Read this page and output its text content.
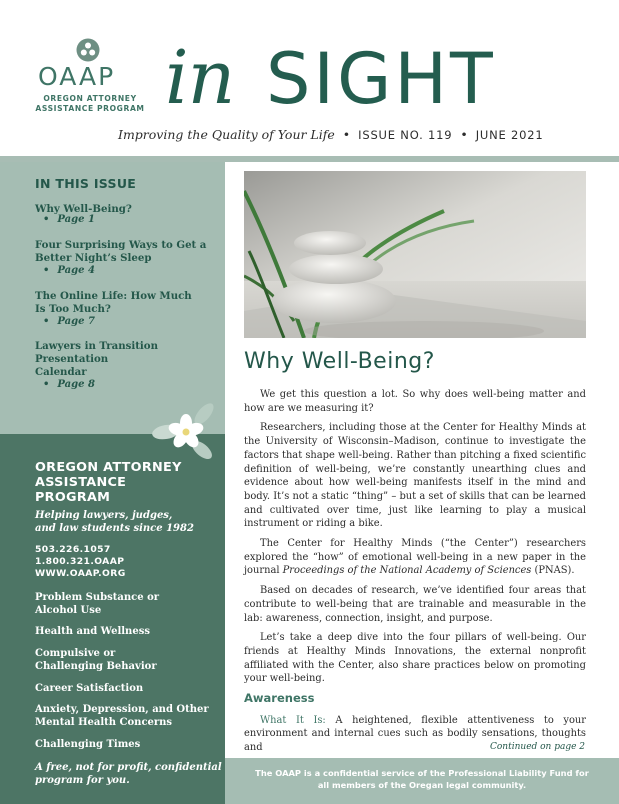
OAAP
OREGON ATTORNEY
ASSISTANCE PROGRAM in SIGHT
Improving the Quality of Your Life • ISSUE NO. 119 • JUNE 2021
IN THIS ISSUE
Why Well-Being?
• Page 1
Four Surprising Ways to Get a
Better Night’s Sleep
• Page 4
The Online Life: How Much
Is Too Much?
• Page 7
Lawyers in Transition
Presentation
Calendar
• Page 8
OREGON ATTORNEY
ASSISTANCE
PROGRAM
Helping lawyers, judges,
and law students since 1982
503.226.1057
1.800.321.OAAP
WWW.OAAP.ORG
Problem Substance or
Alcohol Use
Health and Wellness
Compulsive or
Challenging Behavior
Career Satisfaction
Anxiety, Depression, and Other
Mental Health Concerns
Challenging Times
A free, not for profit, confidential
program for you.
Why Well-Being?

We get this question a lot. So why does well-being matter and how are we measuring it?

Researchers, including those at the Center for Healthy Minds at the University of Wisconsin–Madison, continue to investigate the factors that shape well-being. Rather than pitching a fixed scientific definition of well-being, we’re constantly unearthing clues and evidence about how well-being manifests itself in the mind and body. It’s not a static “thing” – but a set of skills that can be learned and cultivated over time, just like learning to play a musical instrument or riding a bike.

The Center for Healthy Minds (“the Center”) researchers explored the “how” of emotional well-being in a new paper in the journal Proceedings of the National Academy of Sciences (PNAS).

Based on decades of research, we’ve identified four areas that contribute to well-being that are trainable and measurable in the lab: awareness, connection, insight, and purpose.

Let’s take a deep dive into the four pillars of well-being. Our friends at Healthy Minds Innovations, the external nonprofit affiliated with the Center, also share practices below on promoting your well-being.

Awareness

What It Is: A heightened, flexible attentiveness to your environment and internal cues such as bodily sensations, thoughts and	Continued on page 2
The OAAP is a confidential service of the Professional Liability Fund for
all members of the Oregan legal community.
